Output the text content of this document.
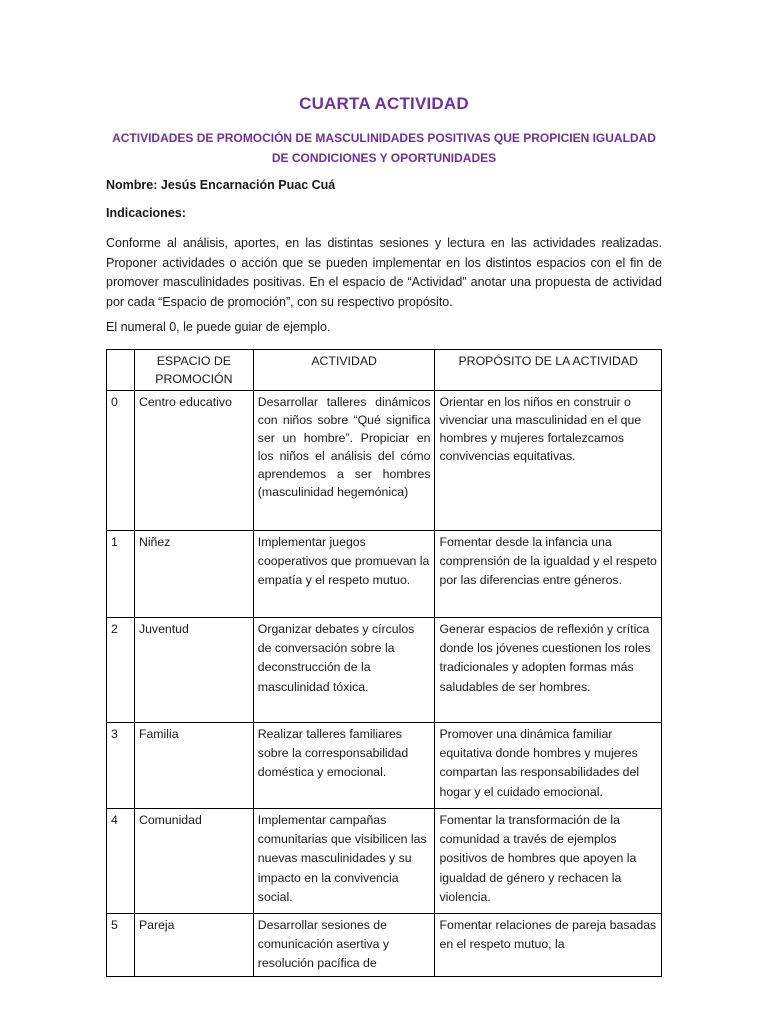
CUARTA ACTIVIDAD
ACTIVIDADES DE PROMOCIÓN DE MASCULINIDADES POSITIVAS QUE PROPICIEN IGUALDAD DE CONDICIONES Y OPORTUNIDADES
Nombre: Jesús Encarnación Puac Cuá
Indicaciones:
Conforme al análisis, aportes, en las distintas sesiones y lectura en las actividades realizadas. Proponer actividades o acción que se pueden implementar en los distintos espacios con el fin de promover masculinidades positivas. En el espacio de “Actividad” anotar una propuesta de actividad por cada “Espacio de promoción”, con su respectivo propósito.
El numeral 0, le puede guiar de ejemplo.
	ESPACIO DE PROMOCIÓN	ACTIVIDAD	PROPÓSITO DE LA ACTIVIDAD
0	Centro educativo	Desarrollar talleres dinámicos con niños sobre “Qué significa ser un hombre”. Propiciar en los niños el análisis del cómo aprendemos a ser hombres (masculinidad hegemónica)	Orientar en los niños en construir o vivenciar una masculinidad en el que hombres y mujeres fortalezcamos convivencias equitativas.
1	Niñez	Implementar juegos cooperativos que promuevan la empatía y el respeto mutuo.	Fomentar desde la infancia una comprensión de la igualdad y el respeto por las diferencias entre géneros.
2	Juventud	Organizar debates y círculos de conversación sobre la deconstrucción de la masculinidad tóxica.	Generar espacios de reflexión y crítica donde los jóvenes cuestionen los roles tradicionales y adopten formas más saludables de ser hombres.
3	Familia	Realizar talleres familiares sobre la corresponsabilidad doméstica y emocional.	Promover una dinámica familiar equitativa donde hombres y mujeres compartan las responsabilidades del hogar y el cuidado emocional.
4	Comunidad	Implementar campañas comunitarias que visibilicen las nuevas masculinidades y su impacto en la convivencia social.	Fomentar la transformación de la comunidad a través de ejemplos positivos de hombres que apoyen la igualdad de género y rechacen la violencia.
5	Pareja	Desarrollar sesiones de comunicación asertiva y resolución pacífica de	Fomentar relaciones de pareja basadas en el respeto mutuo, la
